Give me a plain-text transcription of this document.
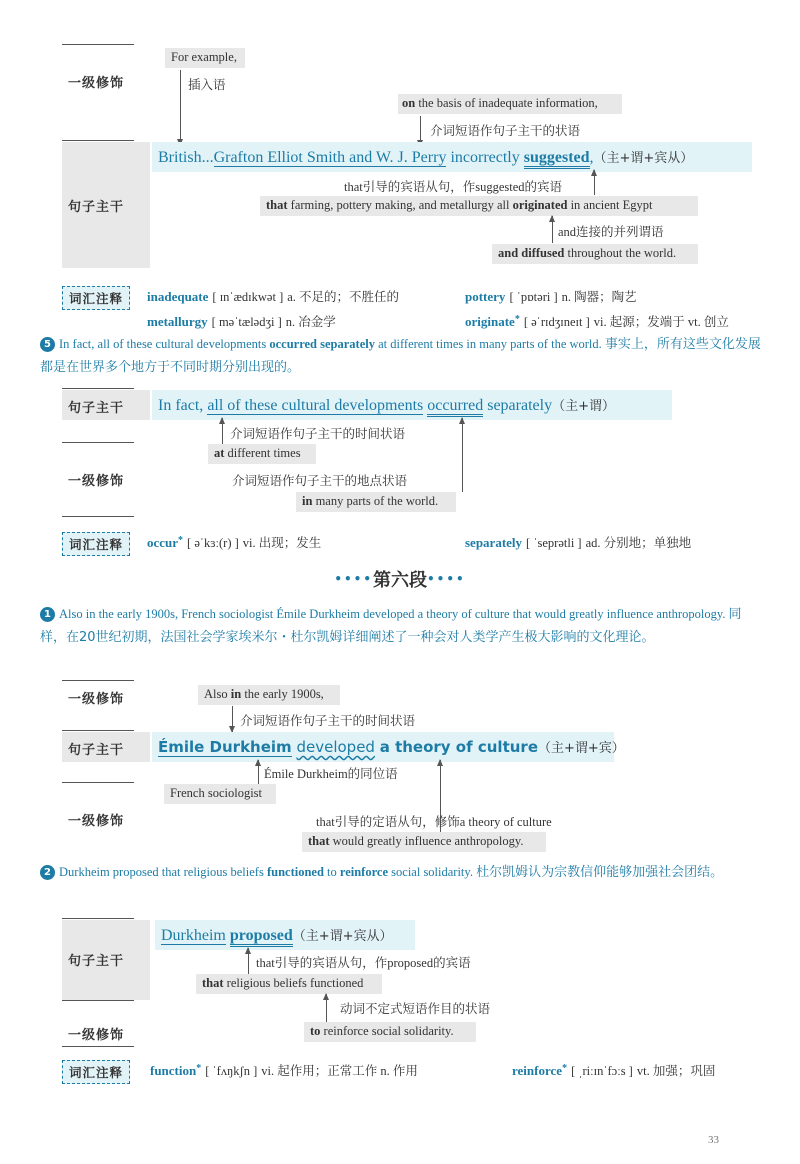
一级修饰
For example,
插入语
on the basis of inadequate information,
介词短语作句子主干的状语
句子主干
British...Grafton Elliot Smith and W. J. Perry incorrectly suggested,（主+谓+宾从）
that引导的宾语从句，作suggested的宾语
that farming, pottery making, and metallurgy all originated in ancient Egypt
and连接的并列谓语
and diffused throughout the world.
词汇注释	inadequate [ ɪnˈædɪkwət ] a. 不足的；不胜任的	pottery [ ˈpɒtəri ] n. 陶器；陶艺
metallurgy [ məˈtælədʒi ] n. 冶金学	originate* [ əˈrɪdʒɪneɪt ] vi. 起源；发端于 vt. 创立
5 In fact, all of these cultural developments occurred separately at different times in many parts of the world. 事实上，所有这些文化发展都是在世界多个地方于不同时期分别出现的。
句子主干 In fact, all of these cultural developments occurred separately（主+谓）
介词短语作句子主干的时间状语
at different times
一级修饰	介词短语作句子主干的地点状语
in many parts of the world.
词汇注释	occur* [ əˈkɜː(r) ] vi. 出现；发生	separately [ ˈseprətli ] ad. 分别地；单独地
••••第六段••••
1 Also in the early 1900s, French sociologist Émile Durkheim developed a theory of culture that would greatly influence anthropology. 同样，在20世纪初期，法国社会学家埃米尔・杜尔凯姆详细阐述了一种会对人类学产生极大影响的文化理论。
一级修饰	Also in the early 1900s,
介词短语作句子主干的时间状语
句子主干 Émile Durkheim developed a theory of culture（主+谓+宾）
Émile Durkheim的同位语
French sociologist
一级修饰	that引导的定语从句，修饰a theory of culture
that would greatly influence anthropology.
2 Durkheim proposed that religious beliefs functioned to reinforce social solidarity. 杜尔凯姆认为宗教信仰能够加强社会团结。
句子主干
Durkheim proposed（主+谓+宾从）
that引导的宾语从句，作proposed的宾语
that religious beliefs functioned
动词不定式短语作目的状语
一级修饰	to reinforce social solidarity.
词汇注释	function* [ ˈfʌŋkʃn ] vi. 起作用；正常工作 n. 作用	reinforce* [ ˌriːɪnˈfɔːs ] vt. 加强；巩固
33
